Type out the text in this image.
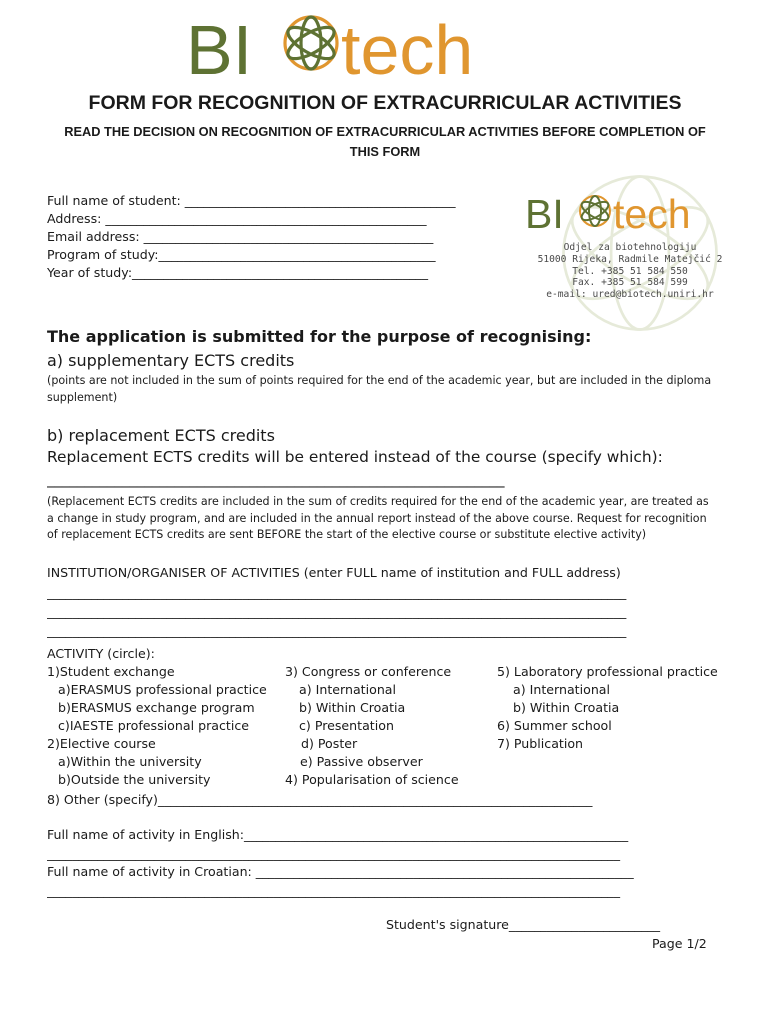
BI tech
FORM FOR RECOGNITION OF EXTRACURRICULAR ACTIVITIES
READ THE DECISION ON RECOGNITION OF EXTRACURRICULAR ACTIVITIES BEFORE COMPLETION OF THIS FORM
Full name of student: ___________________________________________
Address: ___________________________________________________
Email address: ______________________________________________
Program of study:____________________________________________
Year of study:_______________________________________________
BI tech
Odjel za biotehnologiju
51000 Rijeka, Radmile Matejčić 2
Tel. +385 51 584 550
Fax. +385 51 584 599
e-mail: ured@biotech.uniri.hr
The application is submitted for the purpose of recognising:
a) supplementary ECTS credits
(points are not included in the sum of points required for the end of the academic year, but are included in the diploma supplement)
b) replacement ECTS credits
Replacement ECTS credits will be entered instead of the course (specify which):
_____________________________________________________________
(Replacement ECTS credits are included in the sum of credits required for the end of the academic year, are treated as a change in study program, and are included in the annual report instead of the above course. Request for recognition of replacement ECTS credits are sent BEFORE the start of the elective course or substitute elective activity)
INSTITUTION/ORGANISER OF ACTIVITIES (enter FULL name of institution and FULL address)
____________________________________________________________________________________________
____________________________________________________________________________________________
____________________________________________________________________________________________
ACTIVITY (circle):
1)Student exchange
a)ERASMUS professional practice
b)ERASMUS exchange program
c)IAESTE professional practice
2)Elective course
a)Within the university
b)Outside the university
3) Congress or conference
a) International
b) Within Croatia
c) Presentation
d) Poster
e) Passive observer
4) Popularisation of science
5) Laboratory professional practice
a) International
b) Within Croatia
6) Summer school
7) Publication
8) Other (specify)_____________________________________________________________________
Full name of activity in English:_____________________________________________________________
___________________________________________________________________________________________
Full name of activity in Croatian: ____________________________________________________________
___________________________________________________________________________________________
Student's signature________________________
Page 1/2
